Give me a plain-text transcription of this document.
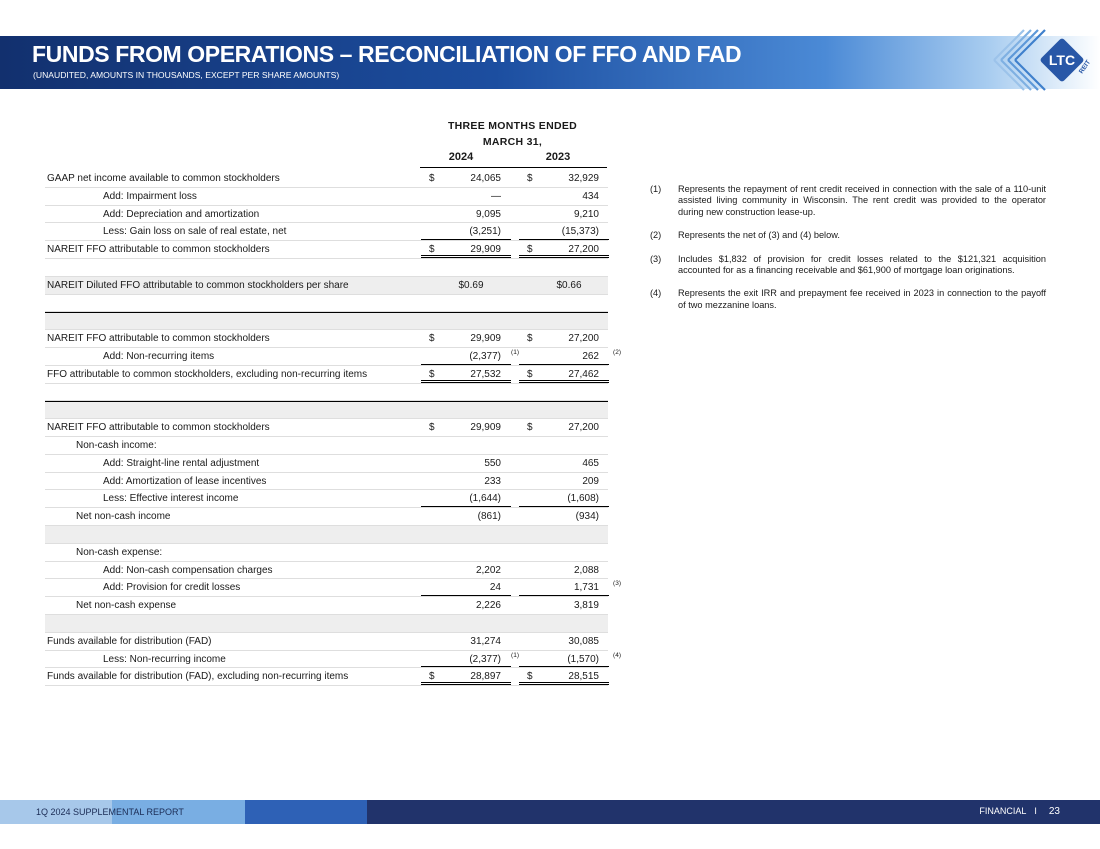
FUNDS FROM OPERATIONS – RECONCILIATION OF FFO AND FAD
(UNAUDITED, AMOUNTS IN THOUSANDS, EXCEPT PER SHARE AMOUNTS)
LTC REIT
THREE MONTHS ENDED
MARCH 31,
2024	2023
GAAP net income available to common stockholders	$	24,065	$	32,929
Add: Impairment loss	—	434
Add: Depreciation and amortization	9,095	9,210
Less: Gain loss on sale of real estate, net	(3,251)	(15,373)
NAREIT FFO attributable to common stockholders	$	29,909	$	27,200
NAREIT Diluted FFO attributable to common stockholders per share	$0.69	$0.66
NAREIT FFO attributable to common stockholders	$	29,909	$	27,200
Add: Non-recurring items	(2,377) (1)	262 (2)
FFO attributable to common stockholders, excluding non-recurring items	$	27,532	$	27,462
NAREIT FFO attributable to common stockholders	$	29,909	$	27,200
Non-cash income:
Add: Straight-line rental adjustment	550	465
Add: Amortization of lease incentives	233	209
Less: Effective interest income	(1,644)	(1,608)
Net non-cash income	(861)	(934)
Non-cash expense:
Add: Non-cash compensation charges	2,202	2,088
Add: Provision for credit losses	24	1,731 (3)
Net non-cash expense	2,226	3,819
Funds available for distribution (FAD)	31,274	30,085
Less: Non-recurring income	(2,377) (1)	(1,570) (4)
Funds available for distribution (FAD), excluding non-recurring items	$	28,897	$	28,515
(1) Represents the repayment of rent credit received in connection with the sale of a 110-unit assisted living community in Wisconsin. The rent credit was provided to the operator during new construction lease-up.
(2) Represents the net of (3) and (4) below.
(3) Includes $1,832 of provision for credit losses related to the $121,321 acquisition accounted for as a financing receivable and $61,900 of mortgage loan originations.
(4) Represents the exit IRR and prepayment fee received in 2023 in connection to the payoff of two mezzanine loans.
1Q 2024 SUPPLEMENTAL REPORT	FINANCIAL I 23
